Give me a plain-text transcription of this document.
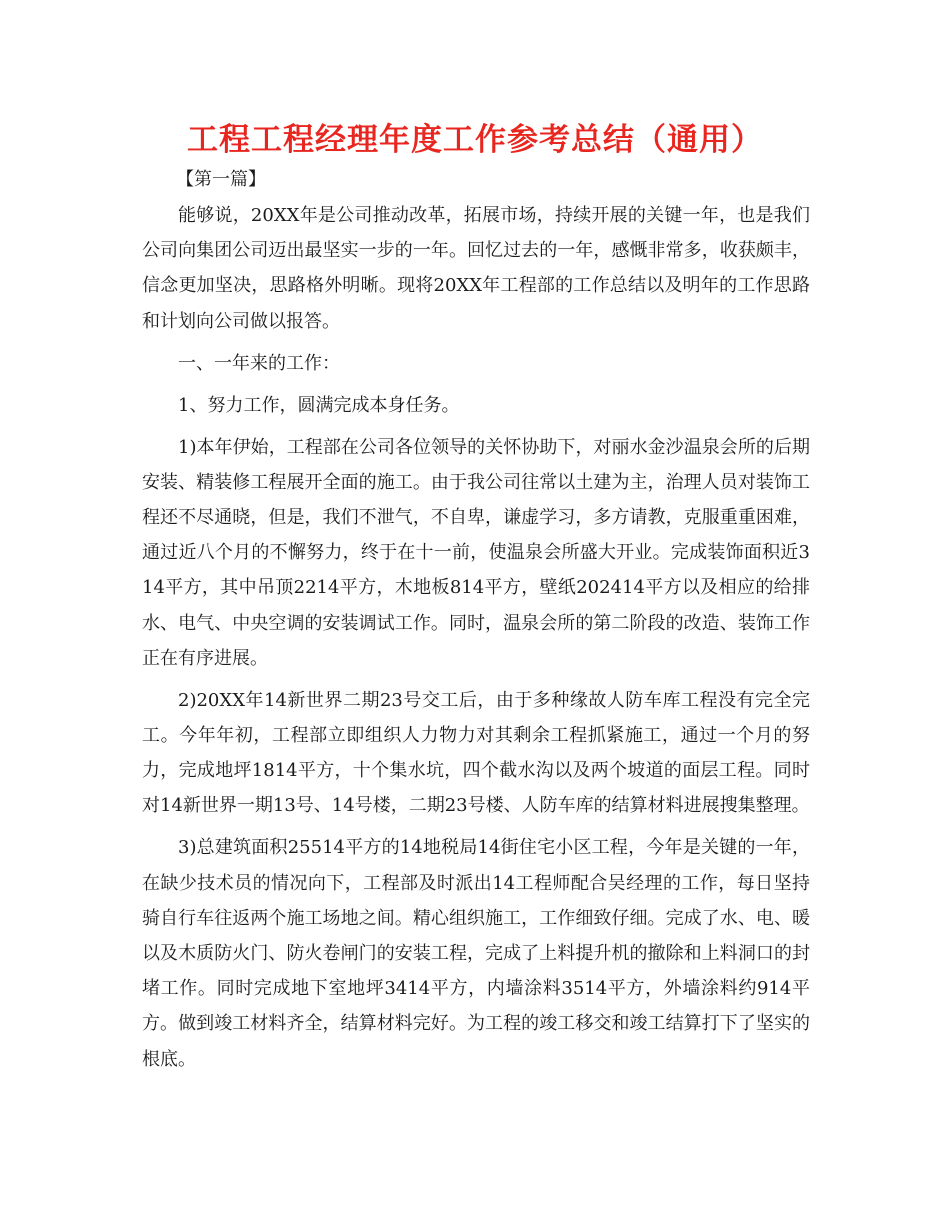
工程工程经理年度工作参考总结（通用）
【第一篇】

能够说，20XX年是公司推动改革，拓展市场，持续开展的关键一年，也是我们公司向集团公司迈出最坚实一步的一年。回忆过去的一年，感慨非常多，收获颇丰，信念更加坚决，思路格外明晰。现将20XX年工程部的工作总结以及明年的工作思路和计划向公司做以报答。

一、一年来的工作：

1、努力工作，圆满完成本身任务。

1)本年伊始，工程部在公司各位领导的关怀协助下，对丽水金沙温泉会所的后期安装、精装修工程展开全面的施工。由于我公司往常以土建为主，治理人员对装饰工程还不尽通晓，但是，我们不泄气，不自卑，谦虚学习，多方请教，克服重重困难，通过近八个月的不懈努力，终于在十一前，使温泉会所盛大开业。完成装饰面积近314平方，其中吊顶2214平方，木地板814平方，壁纸202414平方以及相应的给排水、电气、中央空调的安装调试工作。同时，温泉会所的第二阶段的改造、装饰工作正在有序进展。

2)20XX年14新世界二期23号交工后，由于多种缘故人防车库工程没有完全完工。今年年初，工程部立即组织人力物力对其剩余工程抓紧施工，通过一个月的努力，完成地坪1814平方，十个集水坑，四个截水沟以及两个坡道的面层工程。同时对14新世界一期13号、14号楼，二期23号楼、人防车库的结算材料进展搜集整理。

3)总建筑面积25514平方的14地税局14街住宅小区工程，今年是关键的一年，在缺少技术员的情况向下，工程部及时派出14工程师配合吴经理的工作，每日坚持骑自行车往返两个施工场地之间。精心组织施工，工作细致仔细。完成了水、电、暖以及木质防火门、防火卷闸门的安装工程，完成了上料提升机的撤除和上料洞口的封堵工作。同时完成地下室地坪3414平方，内墙涂料3514平方，外墙涂料约914平方。做到竣工材料齐全，结算材料完好。为工程的竣工移交和竣工结算打下了坚实的根底。
